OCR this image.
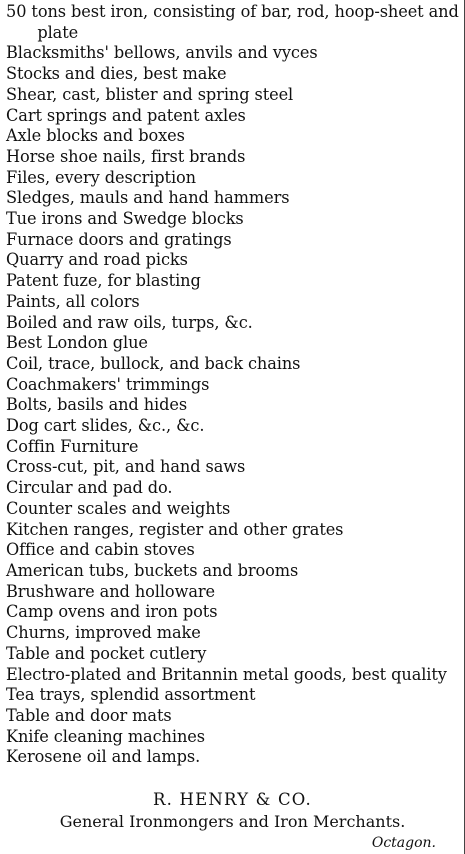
50 tons best iron, consisting of bar, rod, hoop-sheet and plate
Blacksmiths' bellows, anvils and vyces
Stocks and dies, best make
Shear, cast, blister and spring steel
Cart springs and patent axles
Axle blocks and boxes
Horse shoe nails, first brands
Files, every description
Sledges, mauls and hand hammers
Tue irons and Swedge blocks
Furnace doors and gratings
Quarry and road picks
Patent fuze, for blasting
Paints, all colors
Boiled and raw oils, turps, &c.
Best London glue
Coil, trace, bullock, and back chains
Coachmakers' trimmings
Bolts, basils and hides
Dog cart slides, &c., &c.
Coffin Furniture
Cross-cut, pit, and hand saws
Circular and pad do.
Counter scales and weights
Kitchen ranges, register and other grates
Office and cabin stoves
American tubs, buckets and brooms
Brushware and holloware
Camp ovens and iron pots
Churns, improved make
Table and pocket cutlery
Electro-plated and Britannin metal goods, best quality
Tea trays, splendid assortment
Table and door mats
Knife cleaning machines
Kerosene oil and lamps.
R. HENRY & CO.
General Ironmongers and Iron Merchants.
Octagon.
